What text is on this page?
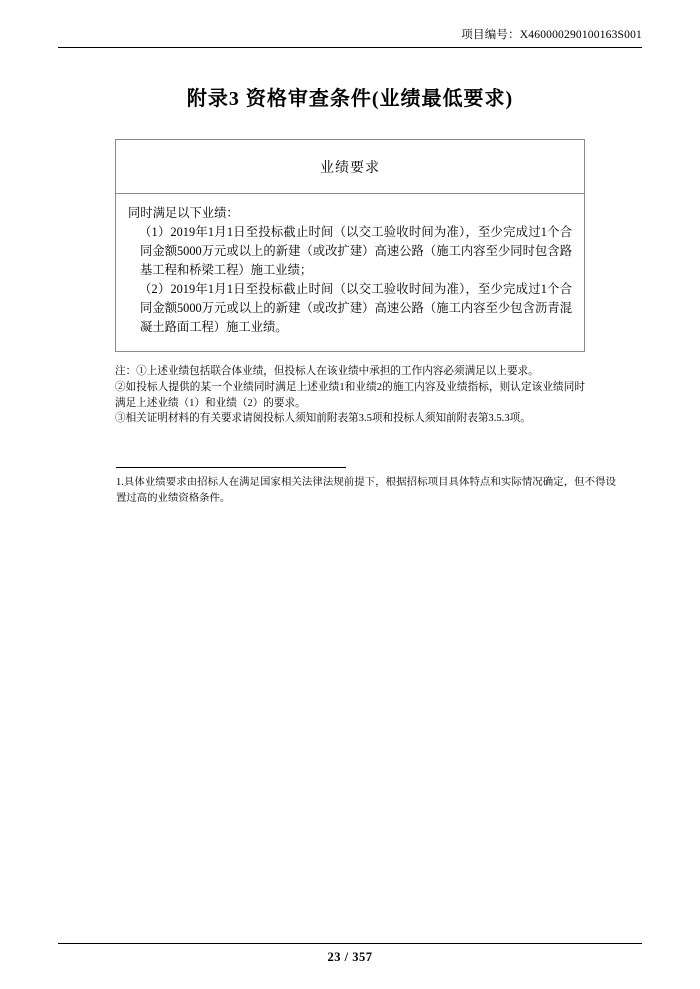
项目编号：X460000290100163S001
附录3 资格审查条件(业绩最低要求)
业绩要求

同时满足以下业绩：

（1）2019年1月1日至投标截止时间（以交工验收时间为准），至少完成过1个合同金额5000万元或以上的新建（或改扩建）高速公路（施工内容至少同时包含路基工程和桥梁工程）施工业绩；

（2）2019年1月1日至投标截止时间（以交工验收时间为准），至少完成过1个合同金额5000万元或以上的新建（或改扩建）高速公路（施工内容至少包含沥青混凝土路面工程）施工业绩。

注：①上述业绩包括联合体业绩，但投标人在该业绩中承担的工作内容必须满足以上要求。

②如投标人提供的某一个业绩同时满足上述业绩1和业绩2的施工内容及业绩指标，则认定该业绩同时满足上述业绩（1）和业绩（2）的要求。

③相关证明材料的有关要求请阅投标人须知前附表第3.5项和投标人须知前附表第3.5.3项。

1.具体业绩要求由招标人在满足国家相关法律法规前提下，根据招标项目具体特点和实际情况确定，但不得设置过高的业绩资格条件。

23 / 357
